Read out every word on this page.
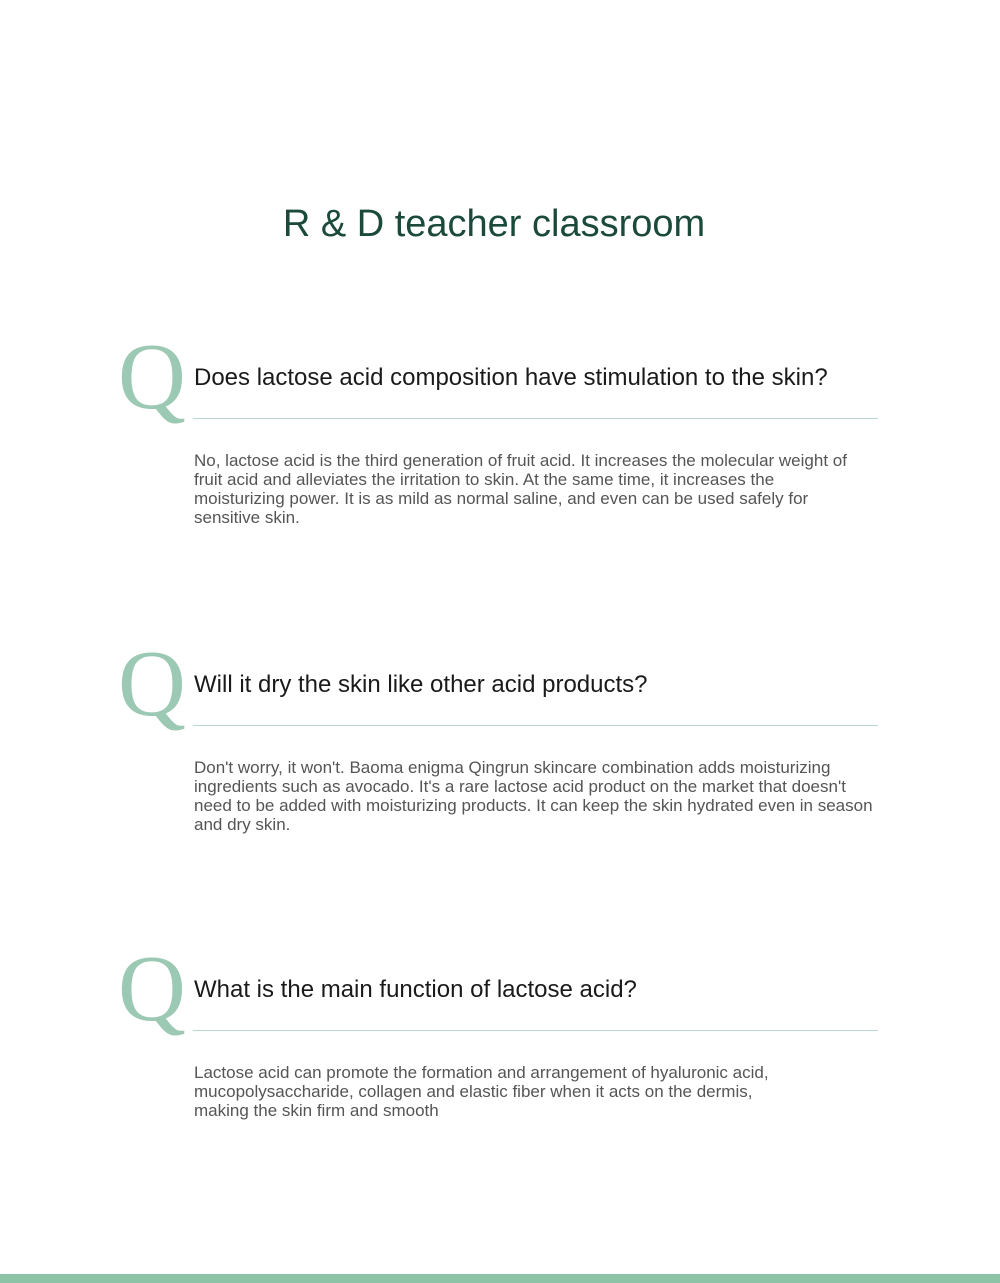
R & D teacher classroom
Q Does lactose acid composition have stimulation to the skin?

No, lactose acid is the third generation of fruit acid. It increases the molecular weight of fruit acid and alleviates the irritation to skin. At the same time, it increases the moisturizing power. It is as mild as normal saline, and even can be used safely for sensitive skin.

Q Will it dry the skin like other acid products?

Don't worry, it won't. Baoma enigma Qingrun skincare combination adds moisturizing ingredients such as avocado. It's a rare lactose acid product on the market that doesn't need to be added with moisturizing products. It can keep the skin hydrated even in season and dry skin.

Q What is the main function of lactose acid?

Lactose acid can promote the formation and arrangement of hyaluronic acid, mucopolysaccharide, collagen and elastic fiber when it acts on the dermis, making the skin firm and smooth
